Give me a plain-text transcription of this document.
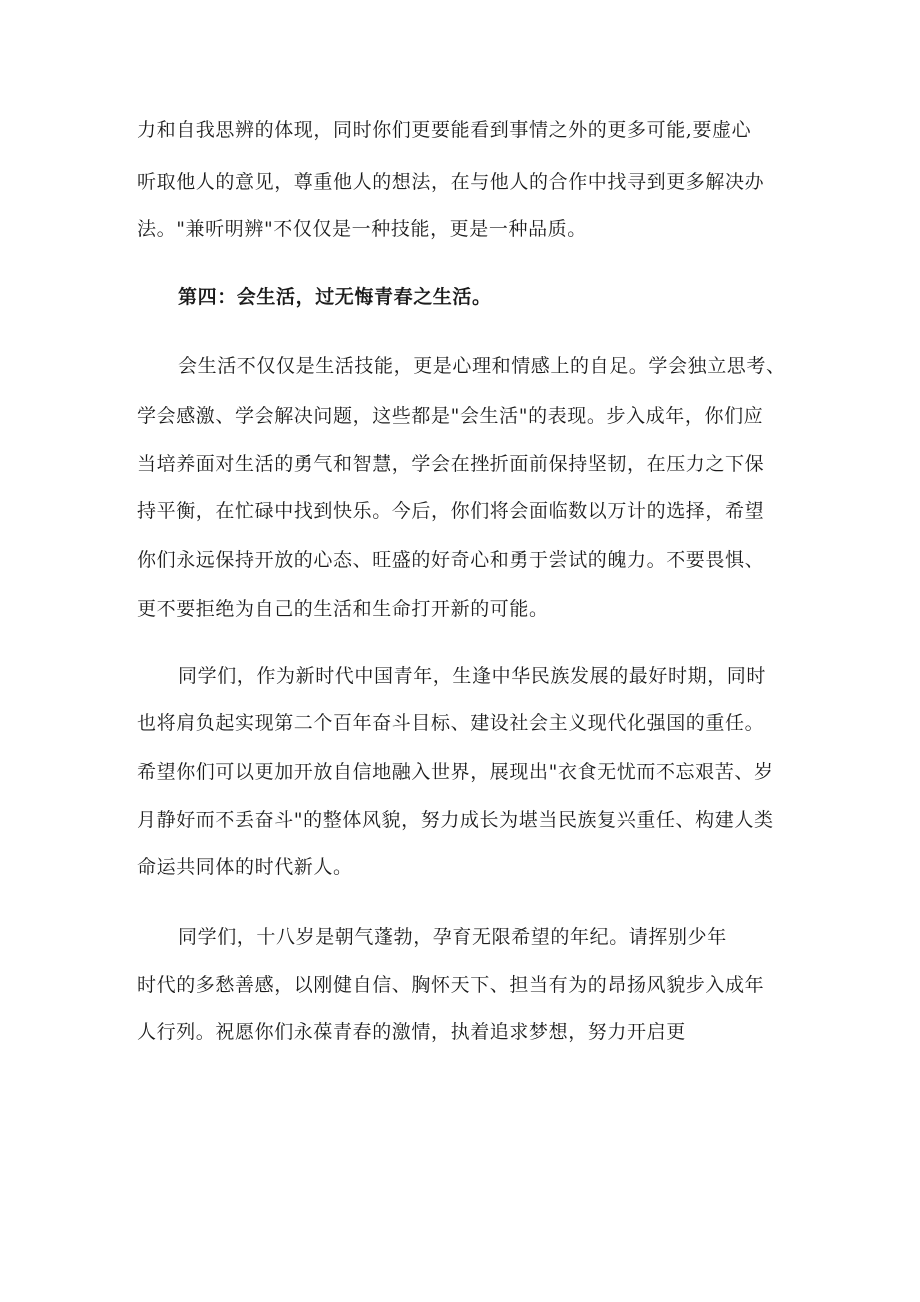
力和自我思辨的体现，同时你们更要能看到事情之外的更多可能,要虚心
听取他人的意见，尊重他人的想法，在与他人的合作中找寻到更多解决办
法。"兼听明辨"不仅仅是一种技能，更是一种品质。
第四：会生活，过无悔青春之生活。
会生活不仅仅是生活技能，更是心理和情感上的自足。学会独立思考、
学会感激、学会解决问题，这些都是"会生活"的表现。步入成年，你们应
当培养面对生活的勇气和智慧，学会在挫折面前保持坚韧，在压力之下保
持平衡，在忙碌中找到快乐。今后，你们将会面临数以万计的选择，希望
你们永远保持开放的心态、旺盛的好奇心和勇于尝试的魄力。不要畏惧、
更不要拒绝为自己的生活和生命打开新的可能。
同学们，作为新时代中国青年，生逢中华民族发展的最好时期，同时
也将肩负起实现第二个百年奋斗目标、建设社会主义现代化强国的重任。
希望你们可以更加开放自信地融入世界，展现出"衣食无忧而不忘艰苦、岁
月静好而不丢奋斗"的整体风貌，努力成长为堪当民族复兴重任、构建人类
命运共同体的时代新人。
同学们，十八岁是朝气蓬勃，孕育无限希望的年纪。请挥别少年
时代的多愁善感，以刚健自信、胸怀天下、担当有为的昂扬风貌步入成年
人行列。祝愿你们永葆青春的激情，执着追求梦想，努力开启更
